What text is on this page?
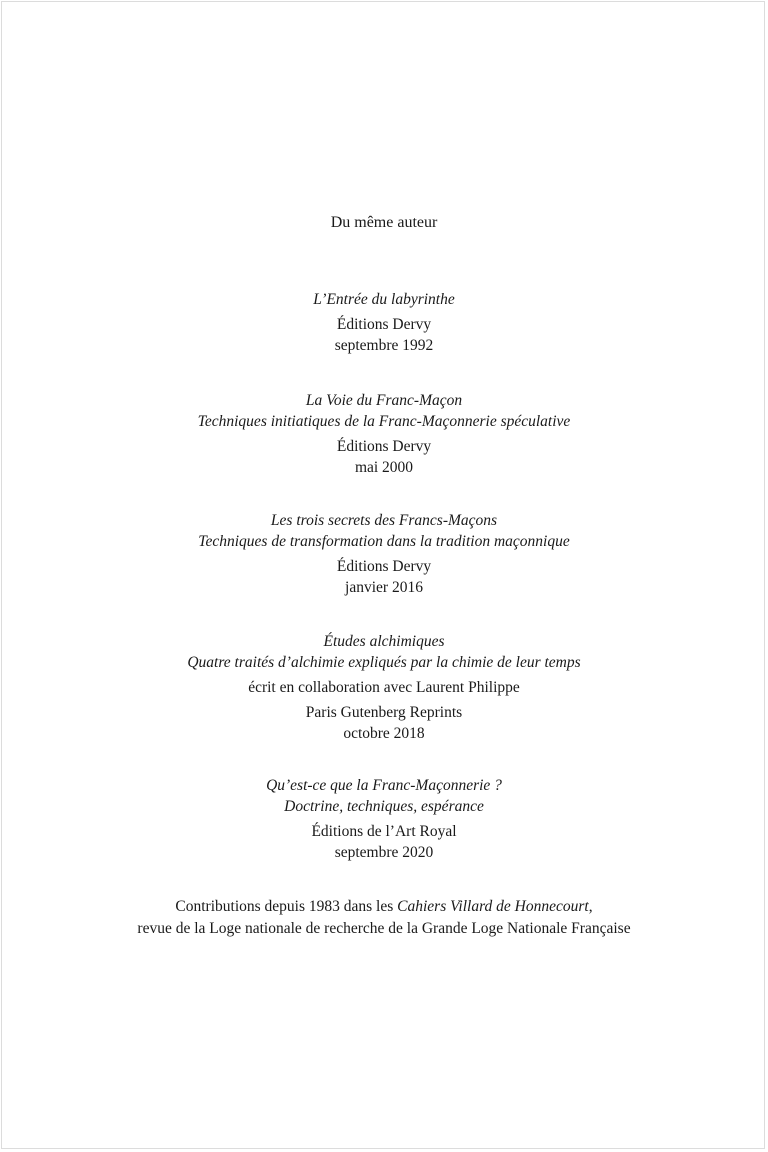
Du même auteur

L’Entrée du labyrinthe

Éditions Dervy

septembre 1992

La Voie du Franc-Maçon

Techniques initiatiques de la Franc-Maçonnerie spéculative

Éditions Dervy

mai 2000

Les trois secrets des Francs-Maçons

Techniques de transformation dans la tradition maçonnique

Éditions Dervy

janvier 2016

Études alchimiques

Quatre traités d’alchimie expliqués par la chimie de leur temps

écrit en collaboration avec Laurent Philippe

Paris Gutenberg Reprints

octobre 2018

Qu’est-ce que la Franc-Maçonnerie ?

Doctrine, techniques, espérance

Éditions de l’Art Royal

septembre 2020

Contributions depuis 1983 dans les Cahiers Villard de Honnecourt,

revue de la Loge nationale de recherche de la Grande Loge Nationale Française
